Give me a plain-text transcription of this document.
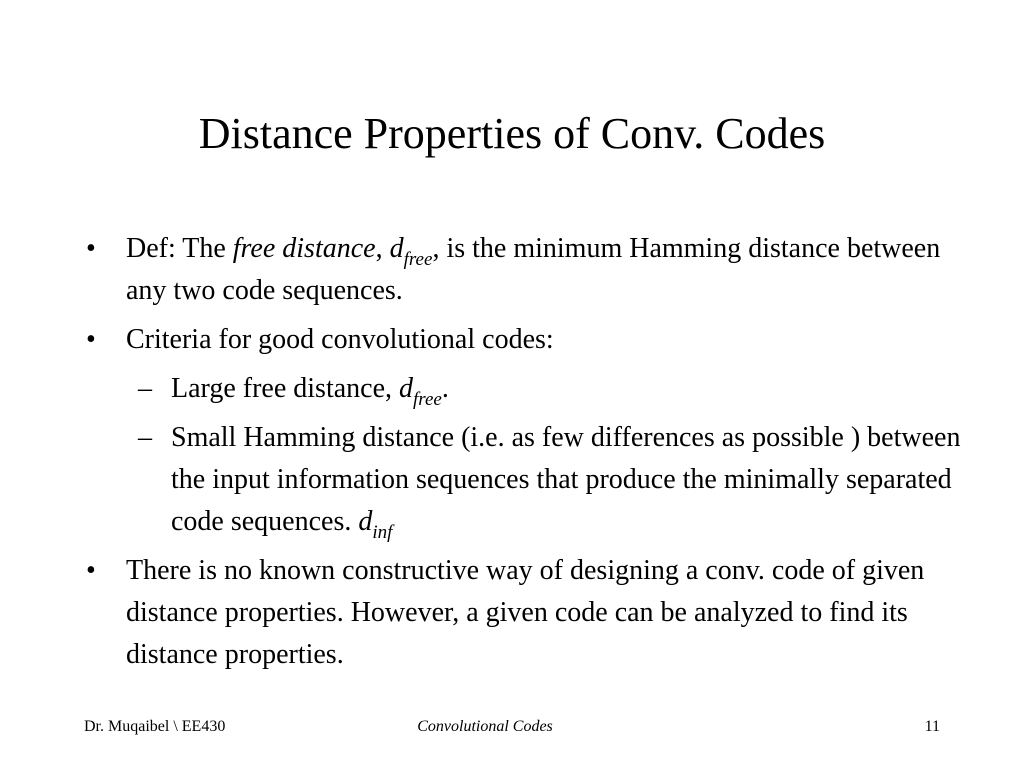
Distance Properties of Conv. Codes
• Def: The free distance, $d_{free}$, is the minimum Hamming distance between any two code sequences.
• Criteria for good convolutional codes:
– Large free distance, $d_{free}$.
– Small Hamming distance (i.e. as few differences as possible ) between the input information sequences that produce the minimally separated code sequences. $d_{inf}$
• There is no known constructive way of designing a conv. code of given distance properties. However, a given code can be analyzed to find its distance properties.
Dr. Muqaibel \ EE430	Convolutional Codes	11
